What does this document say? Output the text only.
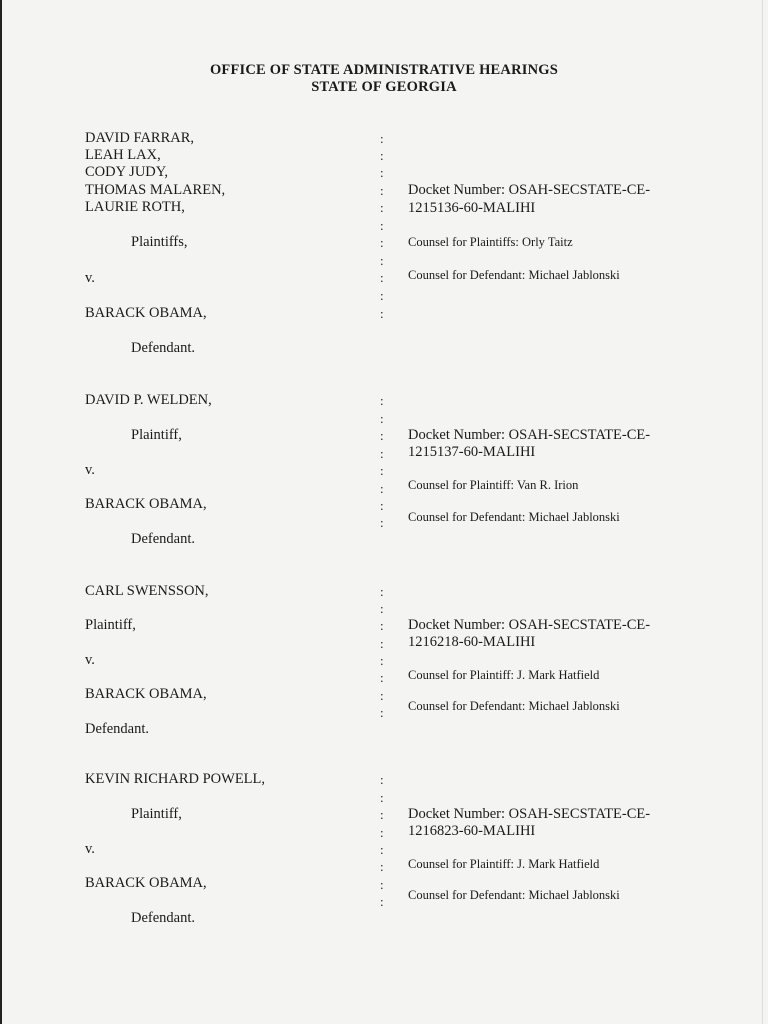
OFFICE OF STATE ADMINISTRATIVE HEARINGS
STATE OF GEORGIA
DAVID FARRAR,
LEAH LAX,
CODY JUDY,
THOMAS MALAREN,
LAURIE ROTH,
Plaintiffs,
v.
BARACK OBAMA,
Defendant.
Docket Number: OSAH-SECSTATE-CE-
1215136-60-MALIHI
Counsel for Plaintiffs: Orly Taitz
Counsel for Defendant: Michael Jablonski
:
:
:
:
:
:
:
:
:
:
:
DAVID P. WELDEN,
Plaintiff,
v.
BARACK OBAMA,
Defendant.
Docket Number: OSAH-SECSTATE-CE-
1215137-60-MALIHI
Counsel for Plaintiff: Van R. Irion
Counsel for Defendant: Michael Jablonski
:
:
:
:
:
:
:
:
CARL SWENSSON,
Plaintiff,
v.
BARACK OBAMA,
Defendant.
Docket Number: OSAH-SECSTATE-CE-
1216218-60-MALIHI
Counsel for Plaintiff: J. Mark Hatfield
Counsel for Defendant: Michael Jablonski
:
:
:
:
:
:
:
:
KEVIN RICHARD POWELL,
Plaintiff,
v.
BARACK OBAMA,
Defendant.
Docket Number: OSAH-SECSTATE-CE-
1216823-60-MALIHI
Counsel for Plaintiff: J. Mark Hatfield
Counsel for Defendant: Michael Jablonski
:
:
:
:
:
:
:
:
